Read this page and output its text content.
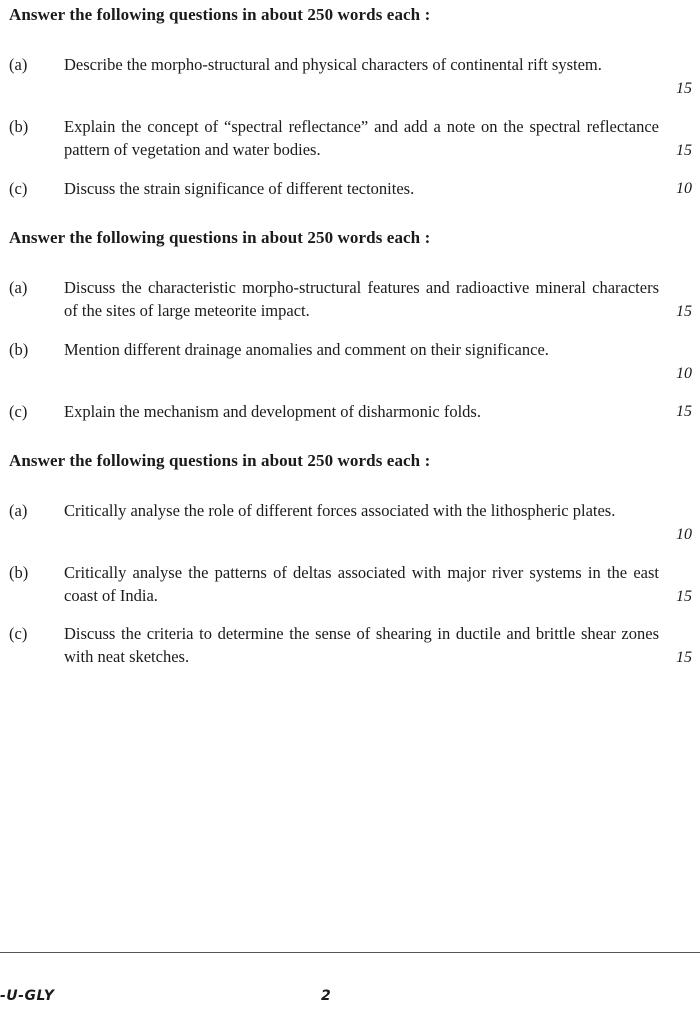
Answer the following questions in about 250 words each :
(a) Describe the morpho-structural and physical characters of continental rift system.
15
(b) Explain the concept of “spectral reflectance” and add a note on the spectral reflectance pattern of vegetation and water bodies.	15
(c) Discuss the strain significance of different tectonites.	10
Answer the following questions in about 250 words each :
(a) Discuss the characteristic morpho-structural features and radioactive mineral characters of the sites of large meteorite impact.	15
(b) Mention different drainage anomalies and comment on their significance.
10
(c) Explain the mechanism and development of disharmonic folds.	15
Answer the following questions in about 250 words each :
(a) Critically analyse the role of different forces associated with the lithospheric plates.
10
(b) Critically analyse the patterns of deltas associated with major river systems in the east coast of India.	15
(c) Discuss the criteria to determine the sense of shearing in ductile and brittle shear zones with neat sketches.	15
-U-GLY	2
